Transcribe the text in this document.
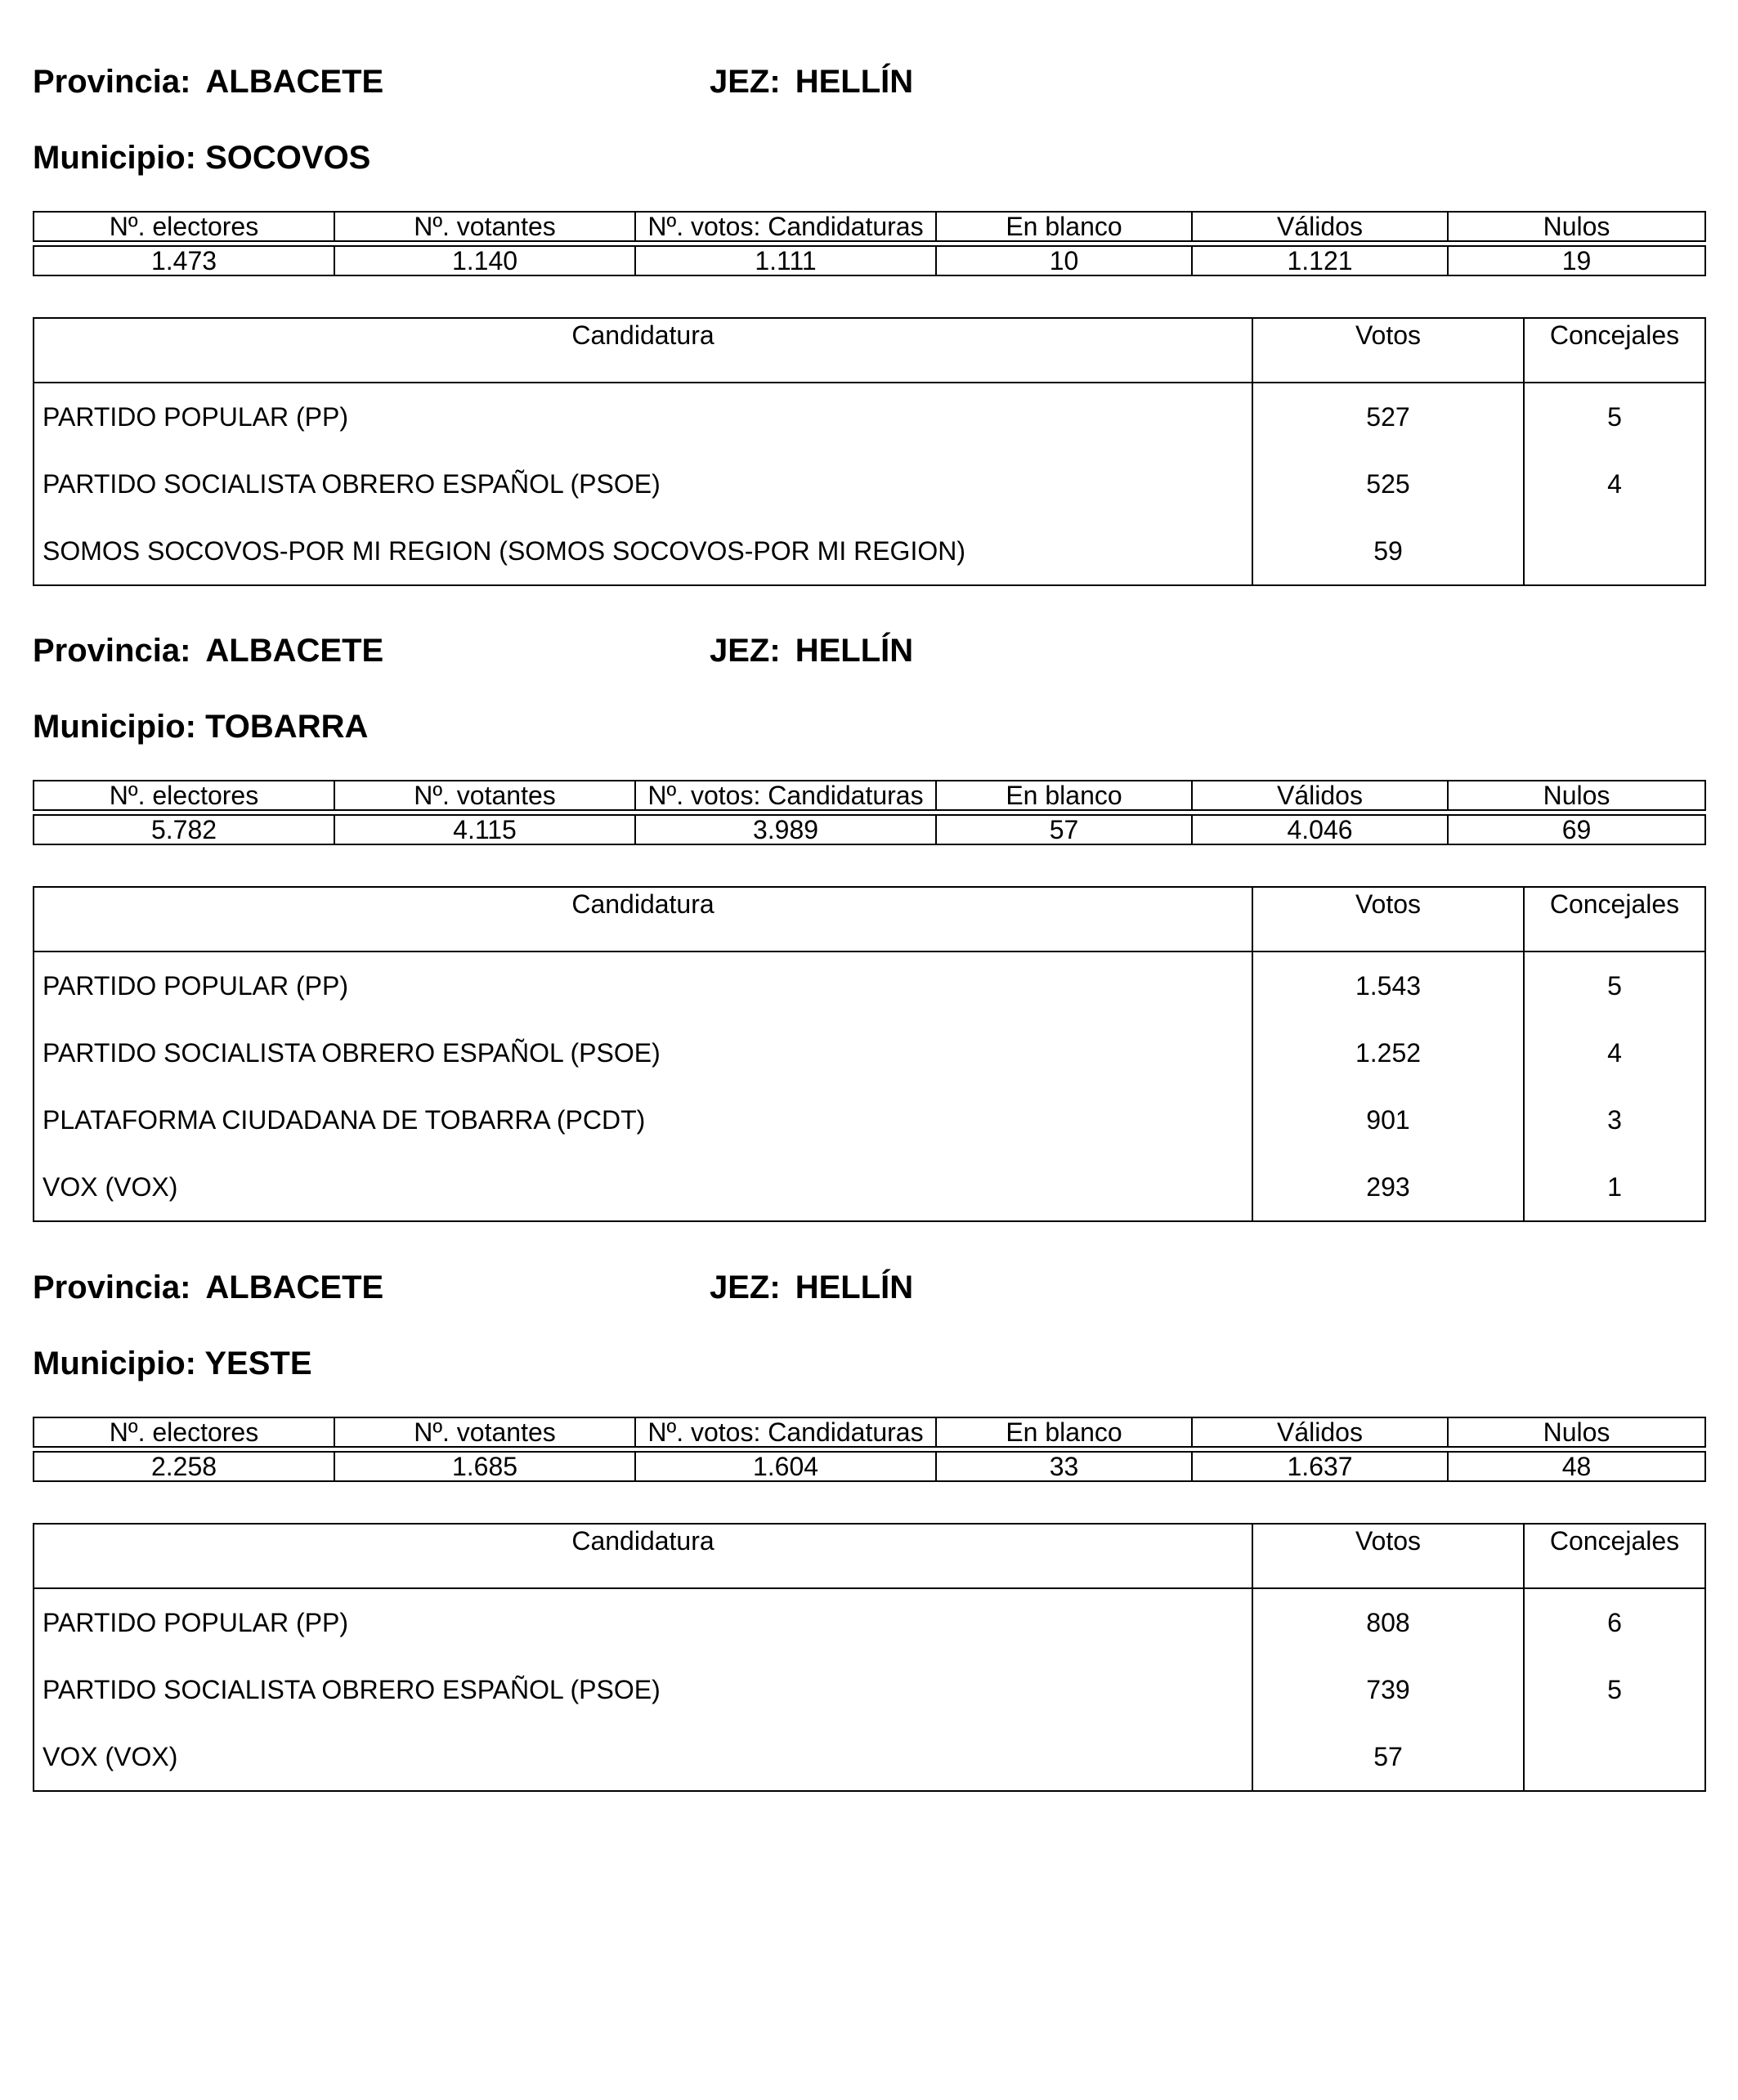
Provincia: ALBACETE	JEZ: HELLÍN
Municipio: SOCOVOS
Nº. electores	Nº. votantes	Nº. votos: Candidaturas	En blanco	Válidos	Nulos

1.473	1.140	1.111	10	1.121	19
Candidatura	Votos	Concejales
PARTIDO POPULAR (PP)	527	5
PARTIDO SOCIALISTA OBRERO ESPAÑOL (PSOE)	525	4
SOMOS SOCOVOS-POR MI REGION (SOMOS SOCOVOS-POR MI REGION)	59	
Provincia: ALBACETE	JEZ: HELLÍN
Municipio: TOBARRA
Nº. electores	Nº. votantes	Nº. votos: Candidaturas	En blanco	Válidos	Nulos

5.782	4.115	3.989	57	4.046	69
Candidatura	Votos	Concejales
PARTIDO POPULAR (PP)	1.543	5
PARTIDO SOCIALISTA OBRERO ESPAÑOL (PSOE)	1.252	4
PLATAFORMA CIUDADANA DE TOBARRA (PCDT)	901	3
VOX (VOX)	293	1
Provincia: ALBACETE	JEZ: HELLÍN
Municipio: YESTE
Nº. electores	Nº. votantes	Nº. votos: Candidaturas	En blanco	Válidos	Nulos

2.258	1.685	1.604	33	1.637	48
Candidatura	Votos	Concejales
PARTIDO POPULAR (PP)	808	6
PARTIDO SOCIALISTA OBRERO ESPAÑOL (PSOE)	739	5
VOX (VOX)	57	
